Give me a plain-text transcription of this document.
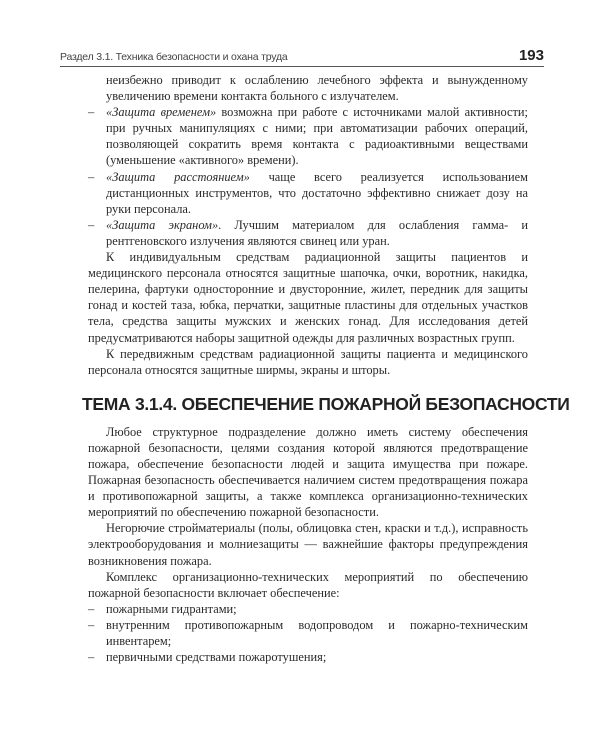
Раздел 3.1. Техника безопасности и охана труда	193

неизбежно приводит к ослаблению лечебного эффекта и вынужденному увеличению времени контакта больного с излучателем.

– «Защита временем» возможна при работе с источниками малой активности; при ручных манипуляциях с ними; при автоматизации рабочих операций, позволяющей сократить время контакта с радиоактивными веществами (уменьшение «активного» времени).

– «Защита расстоянием» чаще всего реализуется использованием дистанционных инструментов, что достаточно эффективно снижает дозу на руки персонала.

– «Защита экраном». Лучшим материалом для ослабления гамма- и рентгеновского излучения являются свинец или уран.

К индивидуальным средствам радиационной защиты пациентов и медицинского персонала относятся защитные шапочка, очки, воротник, накидка, пелерина, фартуки односторонние и двусторонние, жилет, передник для защиты гонад и костей таза, юбка, перчатки, защитные пластины для отдельных участков тела, средства защиты мужских и женских гонад. Для исследования детей предусматриваются наборы защитной одежды для различных возрастных групп.

К передвижным средствам радиационной защиты пациента и медицинского персонала относятся защитные ширмы, экраны и шторы.

ТЕМА 3.1.4. ОБЕСПЕЧЕНИЕ ПОЖАРНОЙ БЕЗОПАСНОСТИ

Любое структурное подразделение должно иметь систему обеспечения пожарной безопасности, целями создания которой являются предотвращение пожара, обеспечение безопасности людей и защита имущества при пожаре. Пожарная безопасность обеспечивается наличием систем предотвращения пожара и противопожарной защиты, а также комплекса организационно-технических мероприятий по обеспечению пожарной безопасности.

Негорючие стройматериалы (полы, облицовка стен, краски и т.д.), исправность электрооборудования и молниезащиты — важнейшие факторы предупреждения возникновения пожара.

Комплекс организационно-технических мероприятий по обеспечению пожарной безопасности включает обеспечение:

– пожарными гидрантами;

– внутренним противопожарным водопроводом и пожарно-техническим инвентарем;

– первичными средствами пожаротушения;
